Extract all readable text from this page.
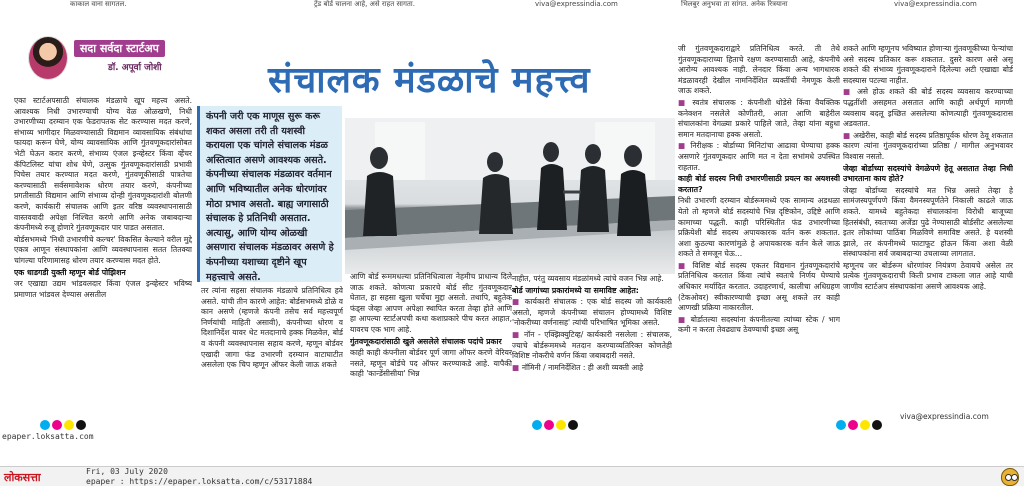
काकाल वाना सागतल.	ट्रेंड बोर्ड चालना आहे, असे राहत सागता.	viva@expressindia.com	भिलबुर अनुभवा ता सांगत. अनेक रित्रयाना	viva@expressindia.com
सदा सर्वदा स्टार्टअप
डॉ. अपूर्वा जोशी	संचालक मंडळाचे महत्त्व

एका स्टार्टअपसाठी संचालक मंडळाचे खूप महत्त्व असते. आवश्यक निधी उभारण्याची योग्य वेळ ओळखणे, निधी उभारणीच्या दरम्यान एक फेडरापतक सेट करण्यास मदत करणे, संभाव्य भागीदार मिळवण्यासाठी विद्यमान व्यावसायिक संबंधांचा फायदा करून घेणे, योग्य व्यावसायिक आणि गुंतवणूकदारांसोबत भेटी घेऊन करार करणे, संभाव्य एंजल इन्व्हेस्टर किंवा व्हेंचर कॅपिटलिस्ट यांचा शोध घेणे, उत्सुक गुंतवणूकदारांसाठी प्रभावी पिचेस तयार करण्यात मदत करणे, गुंतवणूकीसाठी पात्रतेचा करण्यासाठी सर्वसमावेशक धोरण तयार करणे, कंपनीच्या प्रगतीसाठी विद्यमान आणि संभाव्य दोन्ही गुंतवणूकदारांशी बोलणी करणे, कार्यकारी संचालक आणि इतर वरिष्ठ व्यवस्थापनासाठी वास्तववादी अपेक्षा निश्चित करणे आणि अनेक जबाबदाऱ्या कंपनीमध्ये रुजू होणारे गुंतवणूकदार पार पाडत असतात.

बोर्डसभमध्ये 'निधी उभारणीचे कल्चर' विकसित केल्याने वरील मुद्दे एकत्र आणून संस्थापकांना आणि व्यवस्थापनास सतत तितक्या चांगल्या परिणामासह धोरण तयार करण्यास मदत होते.

एक धाडगडी युक्ती म्हणून बोर्ड पोझिशन

जर एखाद्या उद्यम भांडवलदार किंवा एंजल इन्व्हेस्टर भविष्य प्रमाणात भांडवल देण्यास असतील

कंपनी जरी एक माणूस सुरू करू शकत असला तरी ती यशस्वी करायला एक चांगले संचालक मंडळ अस्तित्वात असणे आवश्यक असते. कंपनीच्या संचालक मंडळावर वर्तमान आणि भविष्यातील अनेक धोरणांवर मोठा प्रभाव असतो. बाह्य जगासाठी संचालक हे प्रतिनिधी असतात. अत्यासु, आणि योग्य ओळखी असणारा संचालक मंडळावर असणे हे कंपनीच्या यशाच्या दृष्टीने खूप महत्त्वाचे असते.

तर त्यांना सहसा संचालक मंडळाचे प्रतिनिधित्व हवे असते. यांची तीन कारणे आहेत: बोर्डसभमध्ये डोळे व कान असणे (म्हणजे कंपनी तसेच सर्व महत्त्वपूर्ण निर्णयांची माहिती असावी), कंपनीच्या धोरण व दिशानिर्देश यावर थेट मतदानाचे हक्क मिळवेल, बोर्ड व कंपनी व्यवस्थापनास सहाय करणे, म्हणून बोर्डवर एखादी जागा फंड उभारणी दरम्यान वाटाघाटीत असलेला एक चिप म्हणून ऑफर केली जाऊ शकते

आणि बोर्ड रूममधल्या प्रतिनिधित्वाला नेहमीच प्राधान्य दिले जाऊ शकते. कोणत्या प्रकारचे बोर्ड सीट गुंतवणूकदार घेतात, हा सहसा खुला चर्चेचा मुद्दा असतो. तथापि, बहुतेक फंड्स जेव्हा आपण अपेक्षा स्थापित करता तेव्हा होते आणि हा आपल्या स्टार्टअपची कथा कशाप्रकारे पीच करत आहात, यावरच एक भाग आहे.

गुंतवणूकदारांसाठी खुले असलेले संचालक पदांचे प्रकार

काही काही कंपनीला बोर्डवर पूर्ण जागा ऑफर करणे वेरियर नसते, म्हणून बोर्डचे पद ऑफर करण्याकडे आहे. यापैकी काही 'कान्डेंसीसीया' भिन्न

नाहीत, परंतु व्यवसाय मंडळांमध्ये त्यांचे वजन भिन्न आहे.

बोर्ड जागांच्या प्रकारांमध्ये या समाविष्ट आहेत:

■ कार्यकारी संचालक : एक बोर्ड सदस्य जो कार्यकारी असतो, म्हणजे कंपनीच्या संचालन होण्यामध्ये विशिष्ट 'नोकरीच्या वर्णनासह' त्यांची परिभाषित भूमिका असते.

■ नॉन - एक्झिक्युटिव्ह/ कार्यकारी नसलेला : संचालक, ज्याचे बोर्डरूममध्ये मतदान करण्याव्यतिरिक्त कोणतेही विशिष्ट नोकरीचे वर्णन किंवा जबाबदारी नसते.

■ नॉमिनी / नामनिर्देशित : ही अशी व्यक्ती आहे

जी गुंतवणूकदाराद्वारे प्रतिनिधित्व करते. ती तेथे गुंतवणूकदाराच्या हिताचे रक्षण करण्यासाठी आहे, कंपनीचे आरोग्य आवश्यक नाही. लेनदार किंवा अन्य भागधारक मंडळावरही देखील नामनिर्देशित व्यक्तींची नेमणूक केली जाऊ शकते.

■ स्वतंत्र संचालक : कंपनीशी थोडेसे किंवा वैयक्तिक कनेक्शन नसलेले कोणीतरी, आता आणि बाहेरील संचालकांना वेगळ्या प्रकारे पाहिले जाते, तेव्हा यांना बहुधा समान मतदानाचा हक्क असतो.

■ निरीक्षक : बोर्डाच्या मिनिटांचा आढावा घेण्याचा हक्क असणारे गुंतवणूकदार आणि मत न देता सभांमधे उपस्थित राहतात.

काही बोर्ड सदस्य निधी उभारणीसाठी प्रयत्न का अयशस्वी करतात?

निधी उभारणी दरम्यान बोर्डरूममध्ये एक सामान्य अडथळा येतो तो म्हणजे बोर्ड सदस्यांचे भिन्न दृष्टिकोन, उद्दिष्टे आणि कामाच्या पद्धती. काही परिस्थितीत फंड उभारणीच्या प्रक्रियेशी बोर्ड सदस्य अपायकारक वर्तन करू शकतात. अशा कुठल्या कारणांमुळे हे अपायकारक वर्तन केले जाऊ शकते ते समजून घेऊ...

■ विशिष्ट बोर्ड सदस्य एकतर विद्यमान गुंतवणूकदारांचे प्रतिनिधित्व करतात किंवा त्यांचे स्वतःचे निर्णय घेण्याचे अधिकार मर्यादित करतात. उदाहरणार्थ, कालीचा अधिग्रहण (टेकओवर) स्वीकारण्याची इच्छा असू शकते तर काही आणखी प्रक्रिया नाकारतील.

■ बोर्डातल्या सदस्यांना कंपनीतल्या त्यांच्या स्टेक / भाग कमी न करता तेवढ्याच ठेवण्याची इच्छा असू

शकते आणि म्हणूनच भविष्यात होणाऱ्या गुंतवणूकीच्या फेऱ्यांचा असे सदस्य प्रतिकार करू शकतात. दुसरे कारण असे असू शकते की संभाव्य गुंतवणूकदाराने दिलेल्या अटी एखाद्या बोर्ड सदस्यास पटल्या नाहीत.

■ असे होऊ शकते की बोर्ड सदस्य व्यवसाय करण्याच्या पद्धतींशी असहमत असतात आणि काही अर्थपूर्ण मागणी व्यवसाय बदलू इच्छित असलेल्या कोणत्याही गुंतवणूकदारास अडवतात.

■ अखेरीस, काही बोर्ड सदस्य प्रतिष्ठापूर्वक धोरण ठेवू शकतात कारण त्यांना गुंतवणूकदारांच्या प्रतिष्ठा / मागील अनुभवावर विश्वास नसतो.

जेव्हा बोर्डाच्या सदस्यांचे वेगळेपणे हेतू असतात तेव्हा निधी उभारताना काय होते?

जेव्हा बोर्डाच्या सदस्यांचे मत भिन्न असते तेव्हा हे सामंजस्यपूर्णपणे किंवा वैमनस्यपूर्णतेने निकाली काढले जाऊ शकते. यामध्ये बहुतेकदा संचालकांना विरोधी बाजूच्या हितसंबंधी, स्वतःच्या अजेंडा पुढे नेण्यासाठी बोर्डसीट असलेल्या इतर लोकांच्या पाठिंबा मिळविणे समाविष्ट असते. हे यशस्वी झाले, तर कंपनीमध्ये फाटाफूट होऊन किंवा अशा वेळी संस्थापकांना सर्व जबाबदाऱ्या उचलाव्या लागतात.

म्हणूनच जर बोर्डरूम धोरणांवर नियंत्रण ठेवायचे असेल तर प्रत्येक गुंतवणूकदाराची किती प्रभाव टाकला जात आहे याची जाणीव स्टार्टअप संस्थापकांना असणे आवश्यक आहे.

viva@expressindia.com
epaper.loksatta.com
लोकसत्ता	Fri, 03 July 2020
epaper : https://epaper.loksatta.com/c/53171884
